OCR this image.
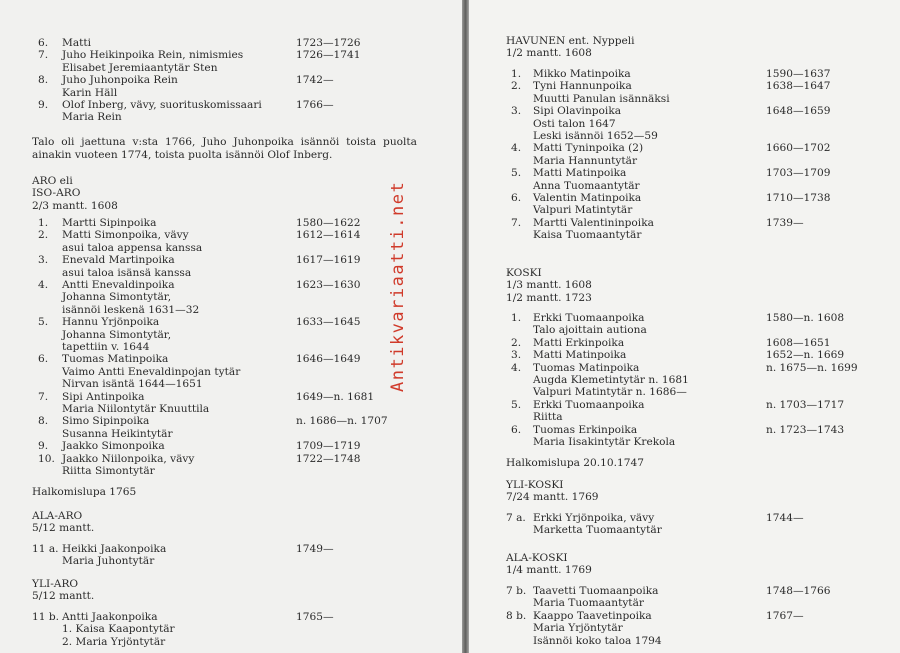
Antikvariaatti.net
6. Matti	1723—1726
7. Juho Heikinpoika Rein, nimismies	1726—1741
Elisabet Jeremiaantytär Sten
8. Juho Juhonpoika Rein	1742—
Karin Häll
9. Olof Inberg, vävy, suorituskomissaari	1766—
Maria Rein
Talo oli jaettuna v:sta 1766, Juho Juhonpoika isännöi toista puolta ainakin vuoteen 1774, toista puolta isännöi Olof Inberg.
ARO eli
ISO-ARO
2/3 mantt. 1608
1. Martti Sipinpoika	1580—1622
2. Matti Simonpoika, vävy	1612—1614
asui taloa appensa kanssa
3. Enevald Martinpoika	1617—1619
asui taloa isänsä kanssa
4. Antti Enevaldinpoika	1623—1630
Johanna Simontytär,
isännöi leskenä 1631—32
5. Hannu Yrjönpoika	1633—1645
Johanna Simontytär,
tapettiin v. 1644
6. Tuomas Matinpoika	1646—1649
Vaimo Antti Enevaldinpojan tytär
Nirvan isäntä 1644—1651
7. Sipi Antinpoika	1649—n. 1681
Maria Niilontytär Knuuttila
8. Simo Sipinpoika	n. 1686—n. 1707
Susanna Heikintytär
9. Jaakko Simonpoika	1709—1719
10. Jaakko Niilonpoika, vävy	1722—1748
Riitta Simontytär
Halkomislupa 1765
ALA-ARO
5/12 mantt.
11 a. Heikki Jaakonpoika	1749—
Maria Juhontytär
YLI-ARO
5/12 mantt.
11 b. Antti Jaakonpoika	1765—
1. Kaisa Kaapontytär
2. Maria Yrjöntytär
HAVUNEN ent. Nyppeli
1/2 mantt. 1608
1. Mikko Matinpoika	1590—1637
2. Tyni Hannunpoika	1638—1647
Muutti Panulan isännäksi
3. Sipi Olavinpoika	1648—1659
Osti talon 1647
Leski isännöi 1652—59
4. Matti Tyninpoika (2)	1660—1702
Maria Hannuntytär
5. Matti Matinpoika	1703—1709
Anna Tuomaantytär
6. Valentin Matinpoika	1710—1738
Valpuri Matintytär
7. Martti Valentininpoika	1739—
Kaisa Tuomaantytär
KOSKI
1/3 mantt. 1608
1/2 mantt. 1723
1. Erkki Tuomaanpoika	1580—n. 1608
Talo ajoittain autiona
2. Matti Erkinpoika	1608—1651
3. Matti Matinpoika	1652—n. 1669
4. Tuomas Matinpoika	n. 1675—n. 1699
Augda Klemetintytär n. 1681
Valpuri Matintytär n. 1686—
5. Erkki Tuomaanpoika	n. 1703—1717
Riitta
6. Tuomas Erkinpoika	n. 1723—1743
Maria Iisakintytär Krekola
Halkomislupa 20.10.1747
YLI-KOSKI
7/24 mantt. 1769
7 a. Erkki Yrjönpoika, vävy	1744—
Marketta Tuomaantytär
ALA-KOSKI
1/4 mantt. 1769
7 b. Taavetti Tuomaanpoika	1748—1766
Maria Tuomaantytär
8 b. Kaappo Taavetinpoika	1767—
Maria Yrjöntytär
Isännöi koko taloa 1794
